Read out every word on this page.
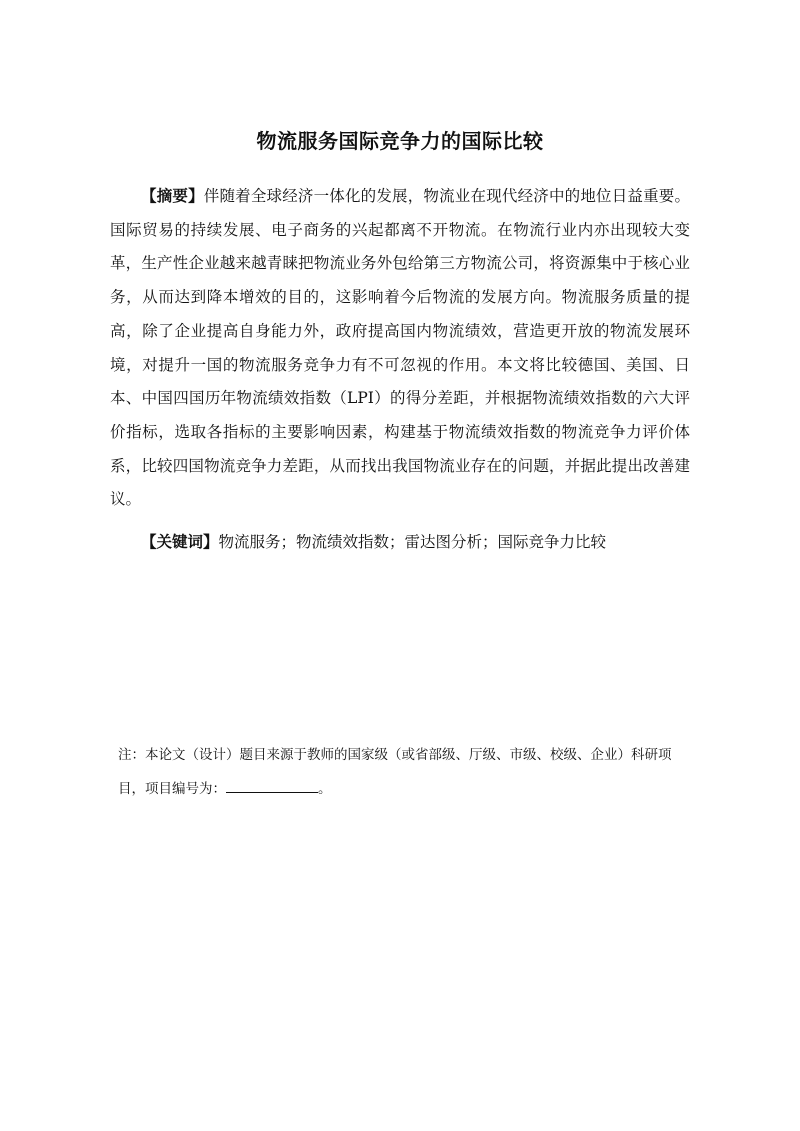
物流服务国际竞争力的国际比较

【摘要】伴随着全球经济一体化的发展，物流业在现代经济中的地位日益重要。国际贸易的持续发展、电子商务的兴起都离不开物流。在物流行业内亦出现较大变革，生产性企业越来越青睐把物流业务外包给第三方物流公司，将资源集中于核心业务，从而达到降本增效的目的，这影响着今后物流的发展方向。物流服务质量的提高，除了企业提高自身能力外，政府提高国内物流绩效，营造更开放的物流发展环境，对提升一国的物流服务竞争力有不可忽视的作用。本文将比较德国、美国、日本、中国四国历年物流绩效指数（LPI）的得分差距，并根据物流绩效指数的六大评价指标，选取各指标的主要影响因素，构建基于物流绩效指数的物流竞争力评价体系，比较四国物流竞争力差距，从而找出我国物流业存在的问题，并据此提出改善建议。

【关键词】物流服务；物流绩效指数；雷达图分析；国际竞争力比较

注：本论文（设计）题目来源于教师的国家级（或省部级、厅级、市级、校级、企业）科研项目，项目编号为：	。
